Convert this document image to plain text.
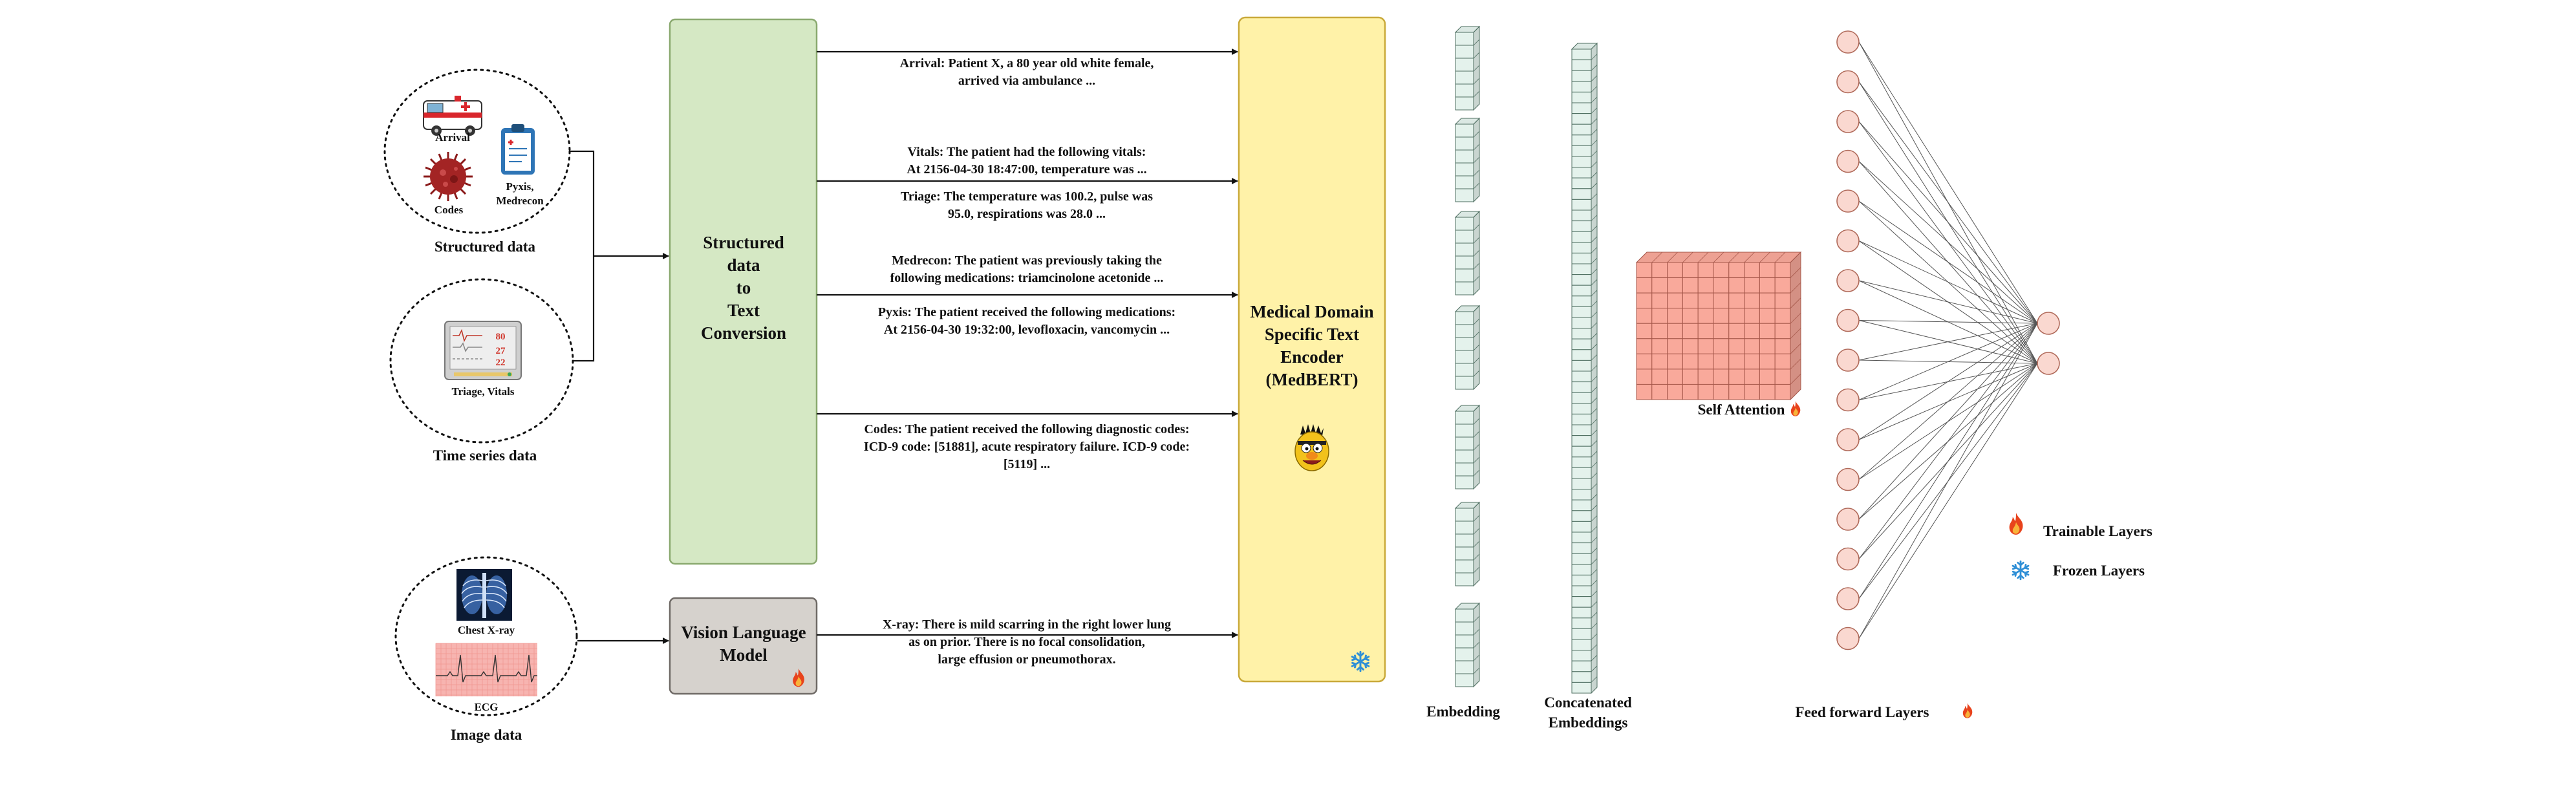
Arrival
Codes
Pyxis,
Medrecon
Structured data
80
27
22
Triage, Vitals
Time series data
Chest X-ray
ECG
Image data
Structured
data
to
Text
Conversion
Vision Language
Model
Arrival: Patient X, a 80 year old white female,
arrived via ambulance ...
Vitals: The patient had the following vitals:
At 2156-04-30 18:47:00, temperature was ...
Triage: The temperature was 100.2, pulse was
95.0, respirations was 28.0 ...
Medrecon: The patient was previously taking the
following medications: triamcinolone acetonide ...
Pyxis: The patient received the following medications:
At 2156-04-30 19:32:00, levofloxacin, vancomycin ...
Codes: The patient received the following diagnostic codes:
ICD-9 code: [51881], acute respiratory failure. ICD-9 code:
[5119] ...
X-ray: There is mild scarring in the right lower lung
as on prior. There is no focal consolidation,
large effusion or pneumothorax.
Medical Domain
Specific Text
Encoder
(MedBERT)
Embedding
Concatenated
Embeddings
Self Attention
Feed forward Layers
Trainable Layers
Frozen Layers
